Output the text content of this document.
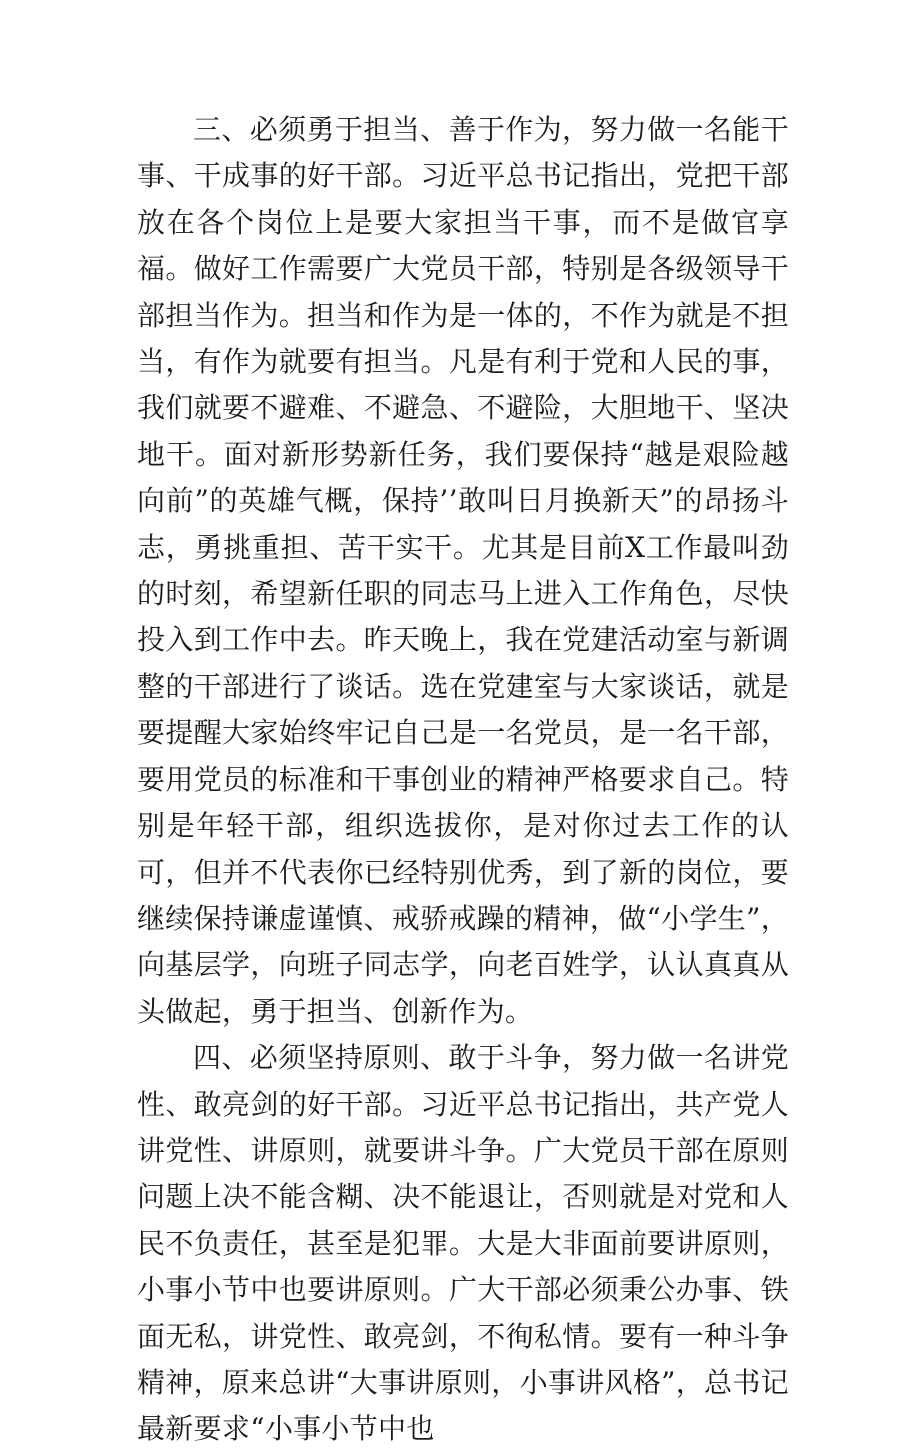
三、必须勇于担当、善于作为，努力做一名能干事、干成事的好干部。习近平总书记指出，党把干部放在各个岗位上是要大家担当干事，而不是做官享福。做好工作需要广大党员干部，特别是各级领导干部担当作为。担当和作为是一体的，不作为就是不担当，有作为就要有担当。凡是有利于党和人民的事，我们就要不避难、不避急、不避险，大胆地干、坚决地干。面对新形势新任务，我们要保持“越是艰险越向前”的英雄气概，保持’’敢叫日月换新天”的昂扬斗志，勇挑重担、苦干实干。尤其是目前X工作最叫劲的时刻，希望新任职的同志马上进入工作角色，尽快投入到工作中去。昨天晚上，我在党建活动室与新调整的干部进行了谈话。选在党建室与大家谈话，就是要提醒大家始终牢记自己是一名党员，是一名干部，要用党员的标准和干事创业的精神严格要求自己。特别是年轻干部，组织选拔你，是对你过去工作的认可，但并不代表你已经特别优秀，到了新的岗位，要继续保持谦虚谨慎、戒骄戒躁的精神，做“小学生”，向基层学，向班子同志学，向老百姓学，认认真真从头做起，勇于担当、创新作为。

四、必须坚持原则、敢于斗争，努力做一名讲党性、敢亮剑的好干部。习近平总书记指出，共产党人讲党性、讲原则，就要讲斗争。广大党员干部在原则问题上决不能含糊、决不能退让，否则就是对党和人民不负责任，甚至是犯罪。大是大非面前要讲原则，小事小节中也要讲原则。广大干部必须秉公办事、铁面无私，讲党性、敢亮剑，不徇私情。要有一种斗争精神，原来总讲“大事讲原则，小事讲风格”，总书记最新要求“小事小节中也
